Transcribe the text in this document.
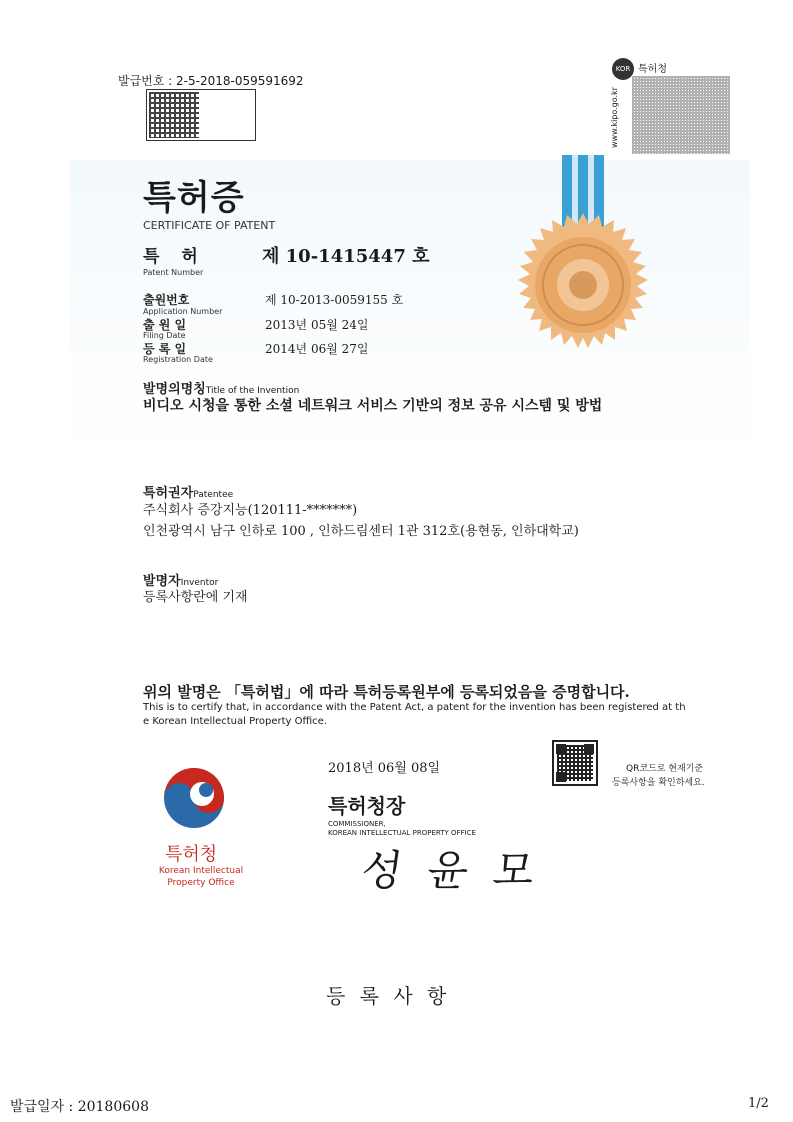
발급번호 : 2-5-2018-059591692
KOR 특허청
www.kipo.go.kr
특허증
CERTIFICATE OF PATENT
특 허
Patent Number
제 10-1415447 호
출원번호
Application Number
제 10-2013-0059155 호
출 원 일
Filing Date
2013년 05월 24일
등 록 일
Registration Date
2014년 06월 27일
발명의명칭Title of the Invention
비디오 시청을 통한 소셜 네트워크 서비스 기반의 정보 공유 시스템 및 방법
특허권자Patentee
주식회사 증강지능(120111-*******)
인천광역시 남구 인하로 100 , 인하드림센터 1관 312호(용현동, 인하대학교)
발명자Inventor
등록사항란에 기재
위의 발명은 「특허법」에 따라 특허등록원부에 등록되었음을 증명합니다.
This is to certify that, in accordance with the Patent Act, a patent for the invention has been registered at th
e Korean Intellectual Property Office.
2018년 06월 08일
특허청장
COMMISSIONER,
KOREAN INTELLECTUAL PROPERTY OFFICE
성 윤 모
QR코드로 현재기준
등록사항을 확인하세요.
특허청
Korean Intellectual
Property Office
등 록 사 항
발급일자 : 20180608	1/2
